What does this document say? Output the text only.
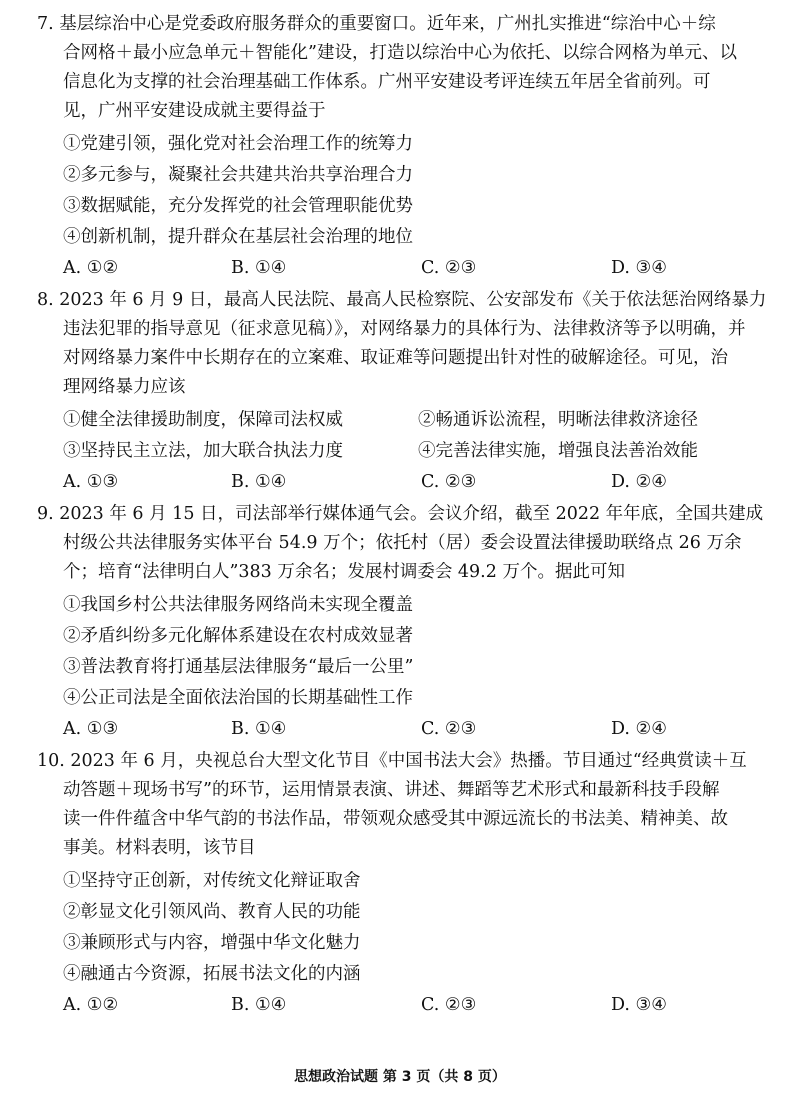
7. 基层综治中心是党委政府服务群众的重要窗口。近年来，广州扎实推进“综治中心＋综
合网格＋最小应急单元＋智能化”建设，打造以综治中心为依托、以综合网格为单元、以
信息化为支撑的社会治理基础工作体系。广州平安建设考评连续五年居全省前列。可
见，广州平安建设成就主要得益于
①党建引领，强化党对社会治理工作的统筹力
②多元参与，凝聚社会共建共治共享治理合力
③数据赋能，充分发挥党的社会管理职能优势
④创新机制，提升群众在基层社会治理的地位
A. ①②	B. ①④	C. ②③	D. ③④
8. 2023 年 6 月 9 日，最高人民法院、最高人民检察院、公安部发布《关于依法惩治网络暴力
违法犯罪的指导意见（征求意见稿）》，对网络暴力的具体行为、法律救济等予以明确，并
对网络暴力案件中长期存在的立案难、取证难等问题提出针对性的破解途径。可见，治
理网络暴力应该
①健全法律援助制度，保障司法权威	②畅通诉讼流程，明晰法律救济途径
③坚持民主立法，加大联合执法力度	④完善法律实施，增强良法善治效能
A. ①③	B. ①④	C. ②③	D. ②④
9. 2023 年 6 月 15 日，司法部举行媒体通气会。会议介绍，截至 2022 年年底，全国共建成
村级公共法律服务实体平台 54.9 万个；依托村（居）委会设置法律援助联络点 26 万余
个；培育“法律明白人”383 万余名；发展村调委会 49.2 万个。据此可知
①我国乡村公共法律服务网络尚未实现全覆盖
②矛盾纠纷多元化解体系建设在农村成效显著
③普法教育将打通基层法律服务“最后一公里”
④公正司法是全面依法治国的长期基础性工作
A. ①③	B. ①④	C. ②③	D. ②④
10. 2023 年 6 月，央视总台大型文化节目《中国书法大会》热播。节目通过“经典赏读＋互
动答题＋现场书写”的环节，运用情景表演、讲述、舞蹈等艺术形式和最新科技手段解
读一件件蕴含中华气韵的书法作品，带领观众感受其中源远流长的书法美、精神美、故
事美。材料表明，该节目
①坚持守正创新，对传统文化辩证取舍
②彰显文化引领风尚、教育人民的功能
③兼顾形式与内容，增强中华文化魅力
④融通古今资源，拓展书法文化的内涵
A. ①②	B. ①④	C. ②③	D. ③④
思想政治试题 第 3 页（共 8 页）
